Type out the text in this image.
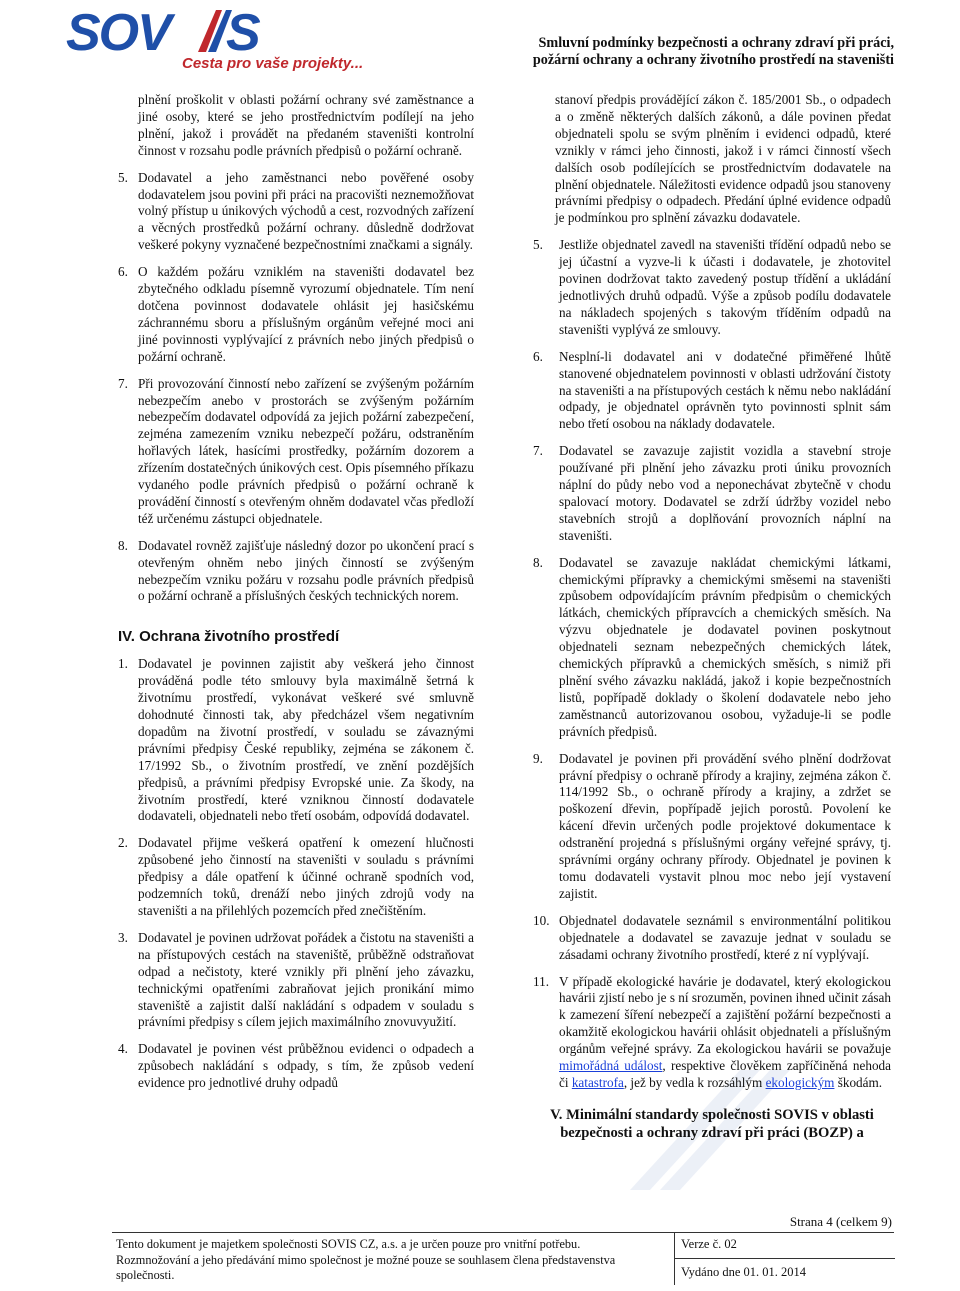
SOV S
Cesta pro vaše projekty...
Smluvní podmínky bezpečnosti a ochrany zdraví při práci,
požární ochrany a ochrany životního prostředí na staveništi

plnění proškolit v oblasti požární ochrany své zaměstnance a jiné osoby, které se jeho prostřednictvím podílejí na jeho plnění, jakož i provádět na předaném staveništi kontrolní činnost v rozsahu podle právních předpisů o požární ochraně.

5. Dodavatel a jeho zaměstnanci nebo pověřené osoby dodavatelem jsou povini při práci na pracovišti neznemožňovat volný přístup u únikových východů a cest, rozvodných zařízení a věcných prostředků požární ochrany. důsledně dodržovat veškeré pokyny vyznačené bezpečnostními značkami a signály.
6. O každém požáru vzniklém na staveništi dodavatel bez zbytečného odkladu písemně vyrozumí objednatele. Tím není dotčena povinnost dodavatele ohlásit jej hasičskému záchrannému sboru a příslušným orgánům veřejné moci ani jiné povinnosti vyplývající z právních nebo jiných předpisů o požární ochraně.
7. Při provozování činností nebo zařízení se zvýšeným požárním nebezpečím anebo v prostorách se zvýšeným požárním nebezpečím dodavatel odpovídá za jejich požární zabezpečení, zejména zamezením vzniku nebezpečí požáru, odstraněním hořlavých látek, hasícími prostředky, požárním dozorem a zřízením dostatečných únikových cest. Opis písemného příkazu vydaného podle právních předpisů o požární ochraně k provádění činností s otevřeným ohněm dodavatel včas předloží též určenému zástupci objednatele.
8. Dodavatel rovněž zajišťuje následný dozor po ukončení prací s otevřeným ohněm nebo jiných činností se zvýšeným nebezpečím vzniku požáru v rozsahu podle právních předpisů o požární ochraně a příslušných českých technických norem.
IV. Ochrana životního prostředí
1. Dodavatel je povinnen zajistit aby veškerá jeho činnost prováděná podle této smlouvy byla maximálně šetrná k životnímu prostředí, vykonávat veškeré své smluvně dohodnuté činnosti tak, aby předcházel všem negativním dopadům na životní prostředí, v souladu se závaznými právními předpisy České republiky, zejména se zákonem č. 17/1992 Sb., o životním prostředí, ve znění pozdějších předpisů, a právními předpisy Evropské unie. Za škody, na životním prostředí, které vzniknou činností dodavatele dodavateli, objednateli nebo třetí osobám, odpovídá dodavatel.
2. Dodavatel přijme veškerá opatření k omezení hlučnosti způsobené jeho činností na staveništi v souladu s právními předpisy a dále opatření k účinné ochraně spodních vod, podzemních toků, drenáží nebo jiných zdrojů vody na staveništi a na přilehlých pozemcích před znečištěním.
3. Dodavatel je povinen udržovat pořádek a čistotu na staveništi a na přístupových cestách na staveniště, průběžně odstraňovat odpad a nečistoty, které vznikly při plnění jeho závazku, technickými opatřeními zabraňovat jejich pronikání mimo staveniště a zajistit další nakládání s odpadem v souladu s právními předpisy s cílem jejich maximálního znovuvyužití.
4. Dodavatel je povinen vést průběžnou evidenci o odpadech a způsobech nakládání s odpady, s tím, že způsob vedení evidence pro jednotlivé druhy odpadů

stanoví předpis provádějící zákon č. 185/2001 Sb., o odpadech a o změně některých dalších zákonů, a dále povinen předat objednateli spolu se svým plněním i evidenci odpadů, které vznikly v rámci jeho činnosti, jakož i v rámci činností všech dalších osob podílejících se prostřednictvím dodavatele na plnění objednatele. Náležitosti evidence odpadů jsou stanoveny právními předpisy o odpadech. Předání úplné evidence odpadů je podmínkou pro splnění závazku dodavatele.

5. Jestliže objednatel zavedl na staveništi třídění odpadů nebo se jej účastní a vyzve-li k účasti i dodavatele, je zhotovitel povinen dodržovat takto zavedený postup třídění a ukládání jednotlivých druhů odpadů. Výše a způsob podílu dodavatele na nákladech spojených s takovým tříděním odpadů na staveništi vyplývá ze smlouvy.
6. Nesplní-li dodavatel ani v dodatečné přiměřené lhůtě stanovené objednatelem povinnosti v oblasti udržování čistoty na staveništi a na přístupových cestách k němu nebo nakládání odpady, je objednatel oprávněn tyto povinnosti splnit sám nebo třetí osobou na náklady dodavatele.
7. Dodavatel se zavazuje zajistit vozidla a stavební stroje používané při plnění jeho závazku proti úniku provozních náplní do půdy nebo vod a neponechávat zbytečně v chodu spalovací motory. Dodavatel se zdrží údržby vozidel nebo stavebních strojů a doplňování provozních náplní na staveništi.
8. Dodavatel se zavazuje nakládat chemickými látkami, chemickými přípravky a chemickými směsemi na staveništi způsobem odpovídajícím právním předpisům o chemických látkách, chemických přípravcích a chemických směsích. Na výzvu objednatele je dodavatel povinen poskytnout objednateli seznam nebezpečných chemických látek, chemických přípravků a chemických směsích, s nimiž při plnění svého závazku nakládá, jakož i kopie bezpečnostních listů, popřípadě doklady o školení dodavatele nebo jeho zaměstnanců autorizovanou osobou, vyžaduje-li se podle právních předpisů.
9. Dodavatel je povinen při provádění svého plnění dodržovat právní předpisy o ochraně přírody a krajiny, zejména zákon č. 114/1992 Sb., o ochraně přírody a krajiny, a zdržet se poškození dřevin, popřípadě jejich porostů. Povolení ke kácení dřevin určených podle projektové dokumentace k odstranění projedná s příslušnými orgány veřejné správy, tj. správními orgány ochrany přírody. Objednatel je povinen k tomu dodavateli vystavit plnou moc nebo její vystavení zajistit.
10. Objednatel dodavatele seznámil s environmentální politikou objednatele a dodavatel se zavazuje jednat v souladu se zásadami ochrany životního prostředí, které z ní vyplývají.
11. V případě ekologické havárie je dodavatel, který ekologickou havárii zjistí nebo je s ní srozuměn, povinen ihned učinit zásah k zamezení šíření nebezpečí a zajištění požární bezpečnosti a okamžitě ekologickou havárii ohlásit objednateli a příslušným orgánům veřejné správy. Za ekologickou havárii se považuje mimořádná událost, respektive člověkem zapříčiněná nehoda či katastrofa, jež by vedla k rozsáhlým ekologickým škodám.
V. Minimální standardy společnosti SOVIS v oblasti
bezpečnosti a ochrany zdraví při práci (BOZP) a
Strana 4 (celkem 9)
Tento dokument je majetkem společnosti SOVIS CZ, a.s. a je určen pouze pro vnitřní potřebu.
Rozmnožování a jeho předávání mimo společnost je možné pouze se souhlasem člena představenstva společnosti.
Verze č. 02
Vydáno dne 01. 01. 2014
